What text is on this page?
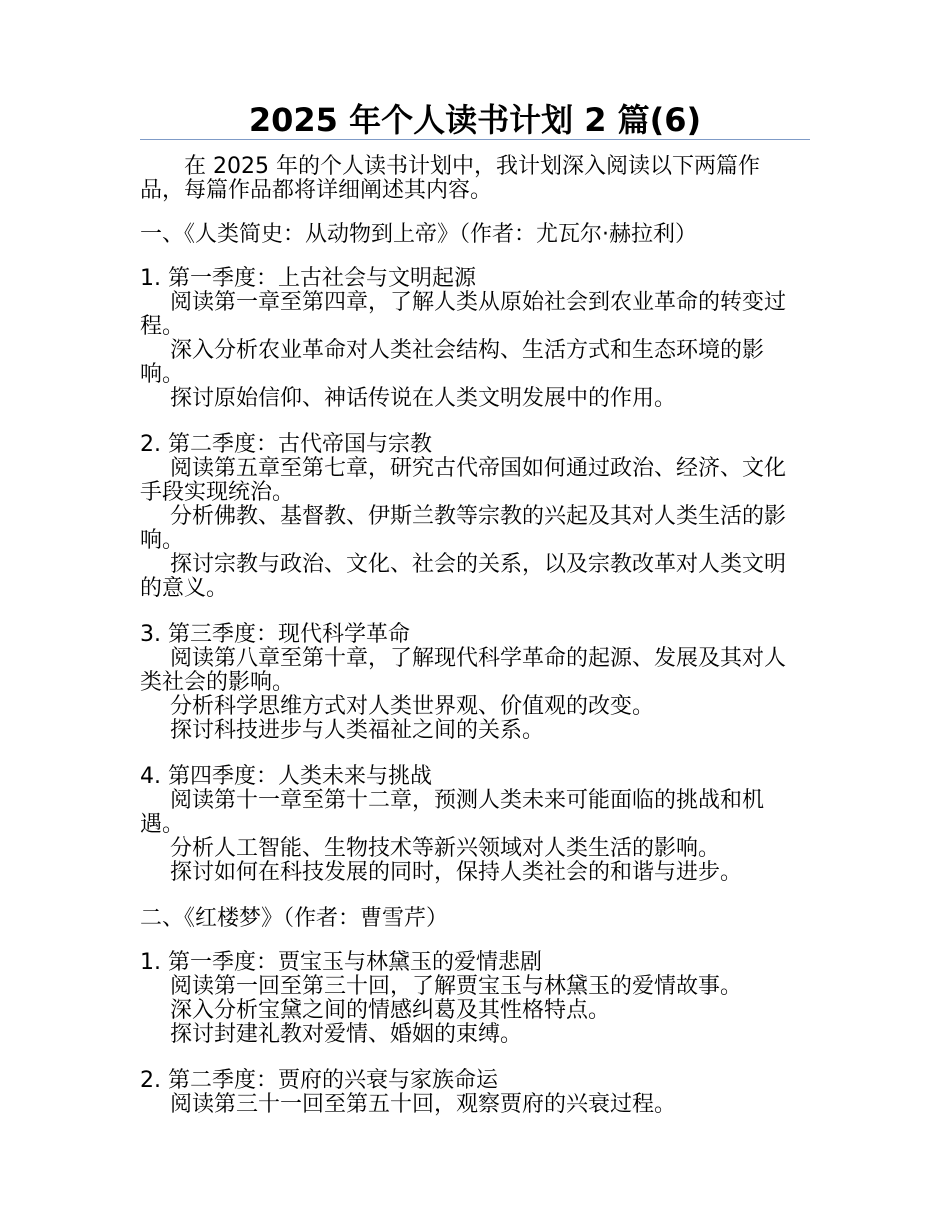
2025 年个人读书计划 2 篇(6)

在 2025 年的个人读书计划中，我计划深入阅读以下两篇作品，每篇作品都将详细阐述其内容。

一、《人类简史：从动物到上帝》（作者：尤瓦尔·赫拉利）

1. 第一季度：上古社会与文明起源

阅读第一章至第四章，了解人类从原始社会到农业革命的转变过程。

深入分析农业革命对人类社会结构、生活方式和生态环境的影响。

探讨原始信仰、神话传说在人类文明发展中的作用。

2. 第二季度：古代帝国与宗教

阅读第五章至第七章，研究古代帝国如何通过政治、经济、文化手段实现统治。

分析佛教、基督教、伊斯兰教等宗教的兴起及其对人类生活的影响。

探讨宗教与政治、文化、社会的关系，以及宗教改革对人类文明的意义。

3. 第三季度：现代科学革命

阅读第八章至第十章，了解现代科学革命的起源、发展及其对人类社会的影响。

分析科学思维方式对人类世界观、价值观的改变。

探讨科技进步与人类福祉之间的关系。

4. 第四季度：人类未来与挑战

阅读第十一章至第十二章，预测人类未来可能面临的挑战和机遇。

分析人工智能、生物技术等新兴领域对人类生活的影响。

探讨如何在科技发展的同时，保持人类社会的和谐与进步。

二、《红楼梦》（作者：曹雪芹）

1. 第一季度：贾宝玉与林黛玉的爱情悲剧

阅读第一回至第三十回，了解贾宝玉与林黛玉的爱情故事。

深入分析宝黛之间的情感纠葛及其性格特点。

探讨封建礼教对爱情、婚姻的束缚。

2. 第二季度：贾府的兴衰与家族命运

阅读第三十一回至第五十回，观察贾府的兴衰过程。
